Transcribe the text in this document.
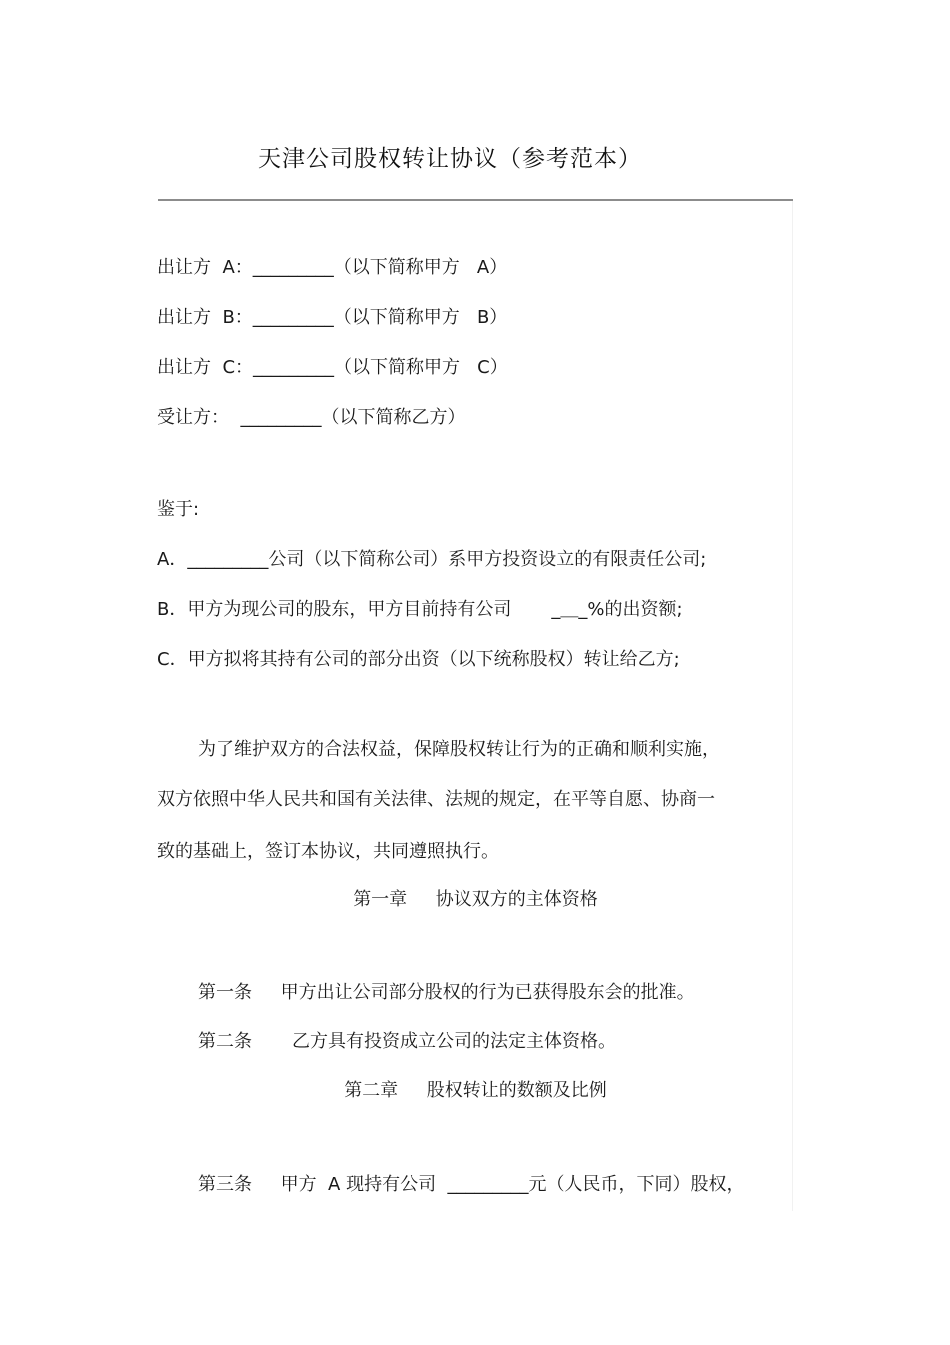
天津公司股权转让协议（参考范本）
出让方  A：_________（以下简称甲方   A）
出让方  B：_________（以下简称甲方   B）
出让方  C：_________（以下简称甲方   C）
受让方：  _________（以下简称乙方）
鉴于:
A．_________公司（以下简称公司）系甲方投资设立的有限责任公司;
B．甲方为现公司的股东，甲方目前持有公司       _＿_%的出资额;
C．甲方拟将其持有公司的部分出资（以下统称股权）转让给乙方;
为了维护双方的合法权益，保障股权转让行为的正确和顺利实施，
双方依照中华人民共和国有关法律、法规的规定，在平等自愿、协商一
致的基础上，签订本协议，共同遵照执行。
第一章     协议双方的主体资格
第一条     甲方出让公司部分股权的行为已获得股东会的批准。
第二条       乙方具有投资成立公司的法定主体资格。
第二章     股权转让的数额及比例
第三条     甲方  A 现持有公司  _________元（人民币，下同）股权，
